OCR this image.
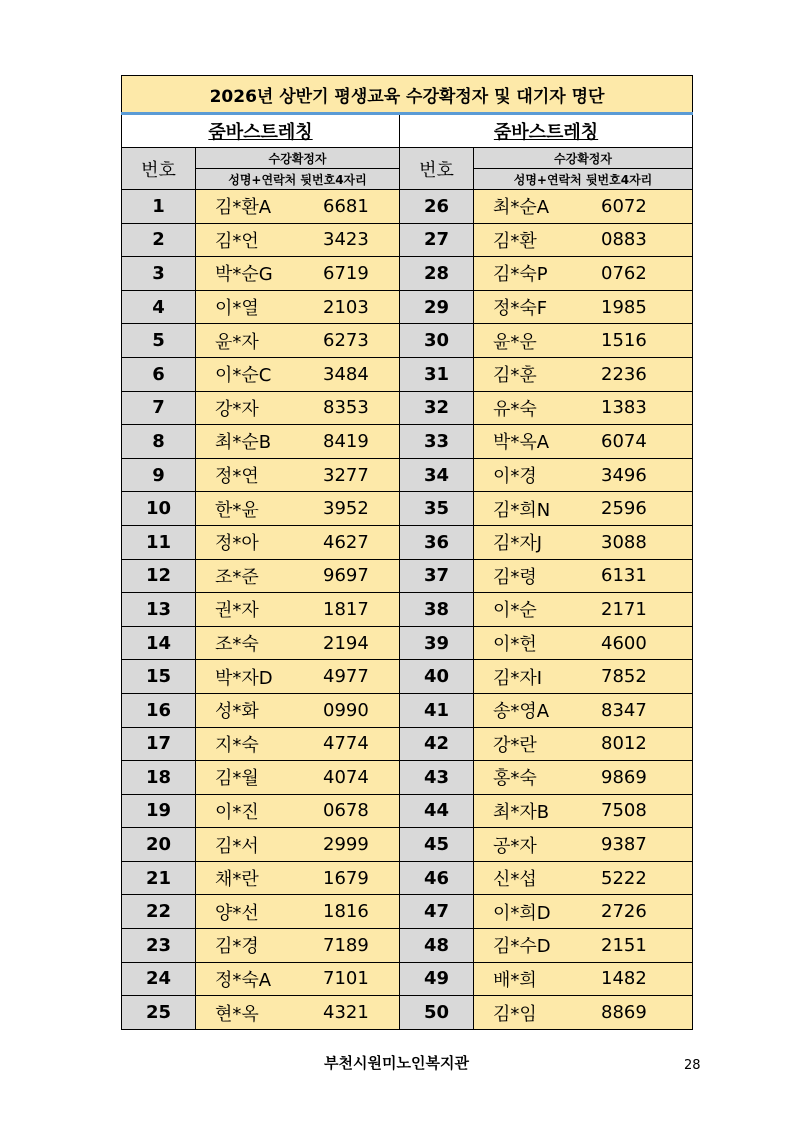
2026년 상반기 평생교육 수강확정자 및 대기자 명단			
줌바스트레칭		줌바스트레칭	
번호	수강확정자	번호	수강확정자
	성명+연락처 뒷번호4자리		성명+연락처 뒷번호4자리
1	김*환A 6681	26	최*순A 6072

2	김*언 3423	27	김*환 0883

3	박*순G 6719	28	김*숙P 0762

4	이*열 2103	29	정*숙F 1985

5	윤*자 6273	30	윤*운 1516

6	이*순C 3484	31	김*훈 2236

7	강*자 8353	32	유*숙 1383

8	최*순B 8419	33	박*옥A 6074

9	정*연 3277	34	이*경 3496

10	한*윤 3952	35	김*희N 2596

11	정*아 4627	36	김*자J 3088

12	조*준 9697	37	김*령 6131

13	권*자 1817	38	이*순 2171

14	조*숙 2194	39	이*헌 4600

15	박*자D 4977	40	김*자I 7852

16	성*화 0990	41	송*영A 8347

17	지*숙 4774	42	강*란 8012

18	김*월 4074	43	홍*숙 9869

19	이*진 0678	44	최*자B 7508

20	김*서 2999	45	공*자 9387

21	채*란 1679	46	신*섭 5222

22	양*선 1816	47	이*희D 2726

23	김*경 7189	48	김*수D 2151

24	정*숙A 7101	49	배*희 1482

25	현*옥 4321	50	김*임 8869
부천시원미노인복지관	28
